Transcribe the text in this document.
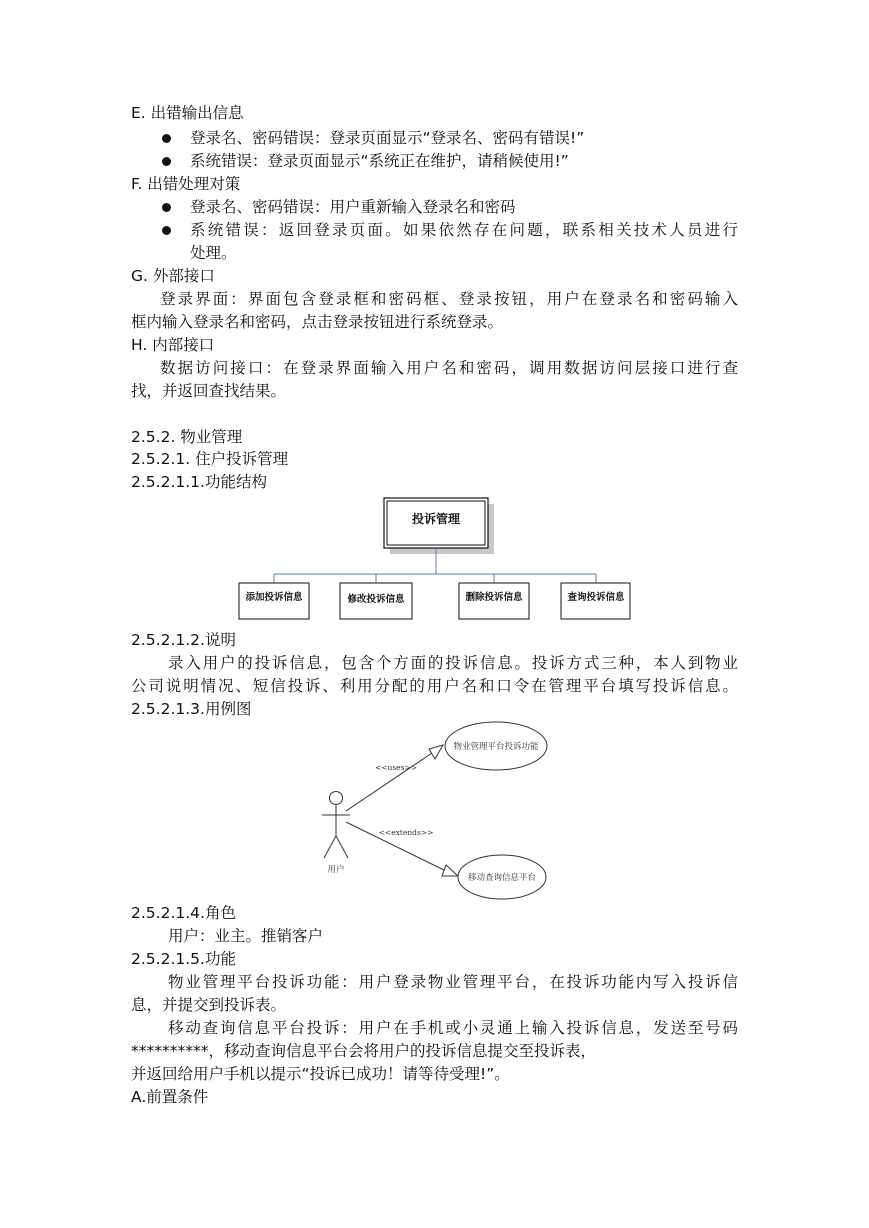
E. 出错输出信息
登录名、密码错误：登录页面显示“登录名、密码有错误!”
系统错误：登录页面显示“系统正在维护，请稍候使用!”
F. 出错处理对策
登录名、密码错误：用户重新输入登录名和密码
系统错误：返回登录页面。如果依然存在问题，联系相关技术人员进行
处理。
G. 外部接口
登录界面：界面包含登录框和密码框、登录按钮，用户在登录名和密码输入
框内输入登录名和密码，点击登录按钮进行系统登录。
H. 内部接口
数据访问接口：在登录界面输入用户名和密码，调用数据访问层接口进行查
找，并返回查找结果。
2.5.2. 物业管理
2.5.2.1. 住户投诉管理
2.5.2.1.1.功能结构
投诉管理
添加投诉信息	修改投诉信息	删除投诉信息	查询投诉信息
2.5.2.1.2.说明
录入用户的投诉信息，包含个方面的投诉信息。投诉方式三种，本人到物业
公司说明情况、短信投诉、利用分配的用户名和口令在管理平台填写投诉信息。
2.5.2.1.3.用例图
用户
<<uses>>
<<extends>>
物业管理平台投诉功能
移动查询信息平台
2.5.2.1.4.角色
用户：业主。推销客户
2.5.2.1.5.功能
物业管理平台投诉功能：用户登录物业管理平台，在投诉功能内写入投诉信
息，并提交到投诉表。
移动查询信息平台投诉：用户在手机或小灵通上输入投诉信息，发送至号码
**********，移动查询信息平台会将用户的投诉信息提交至投诉表，
并返回给用户手机以提示“投诉已成功！请等待受理!”。
A.前置条件
